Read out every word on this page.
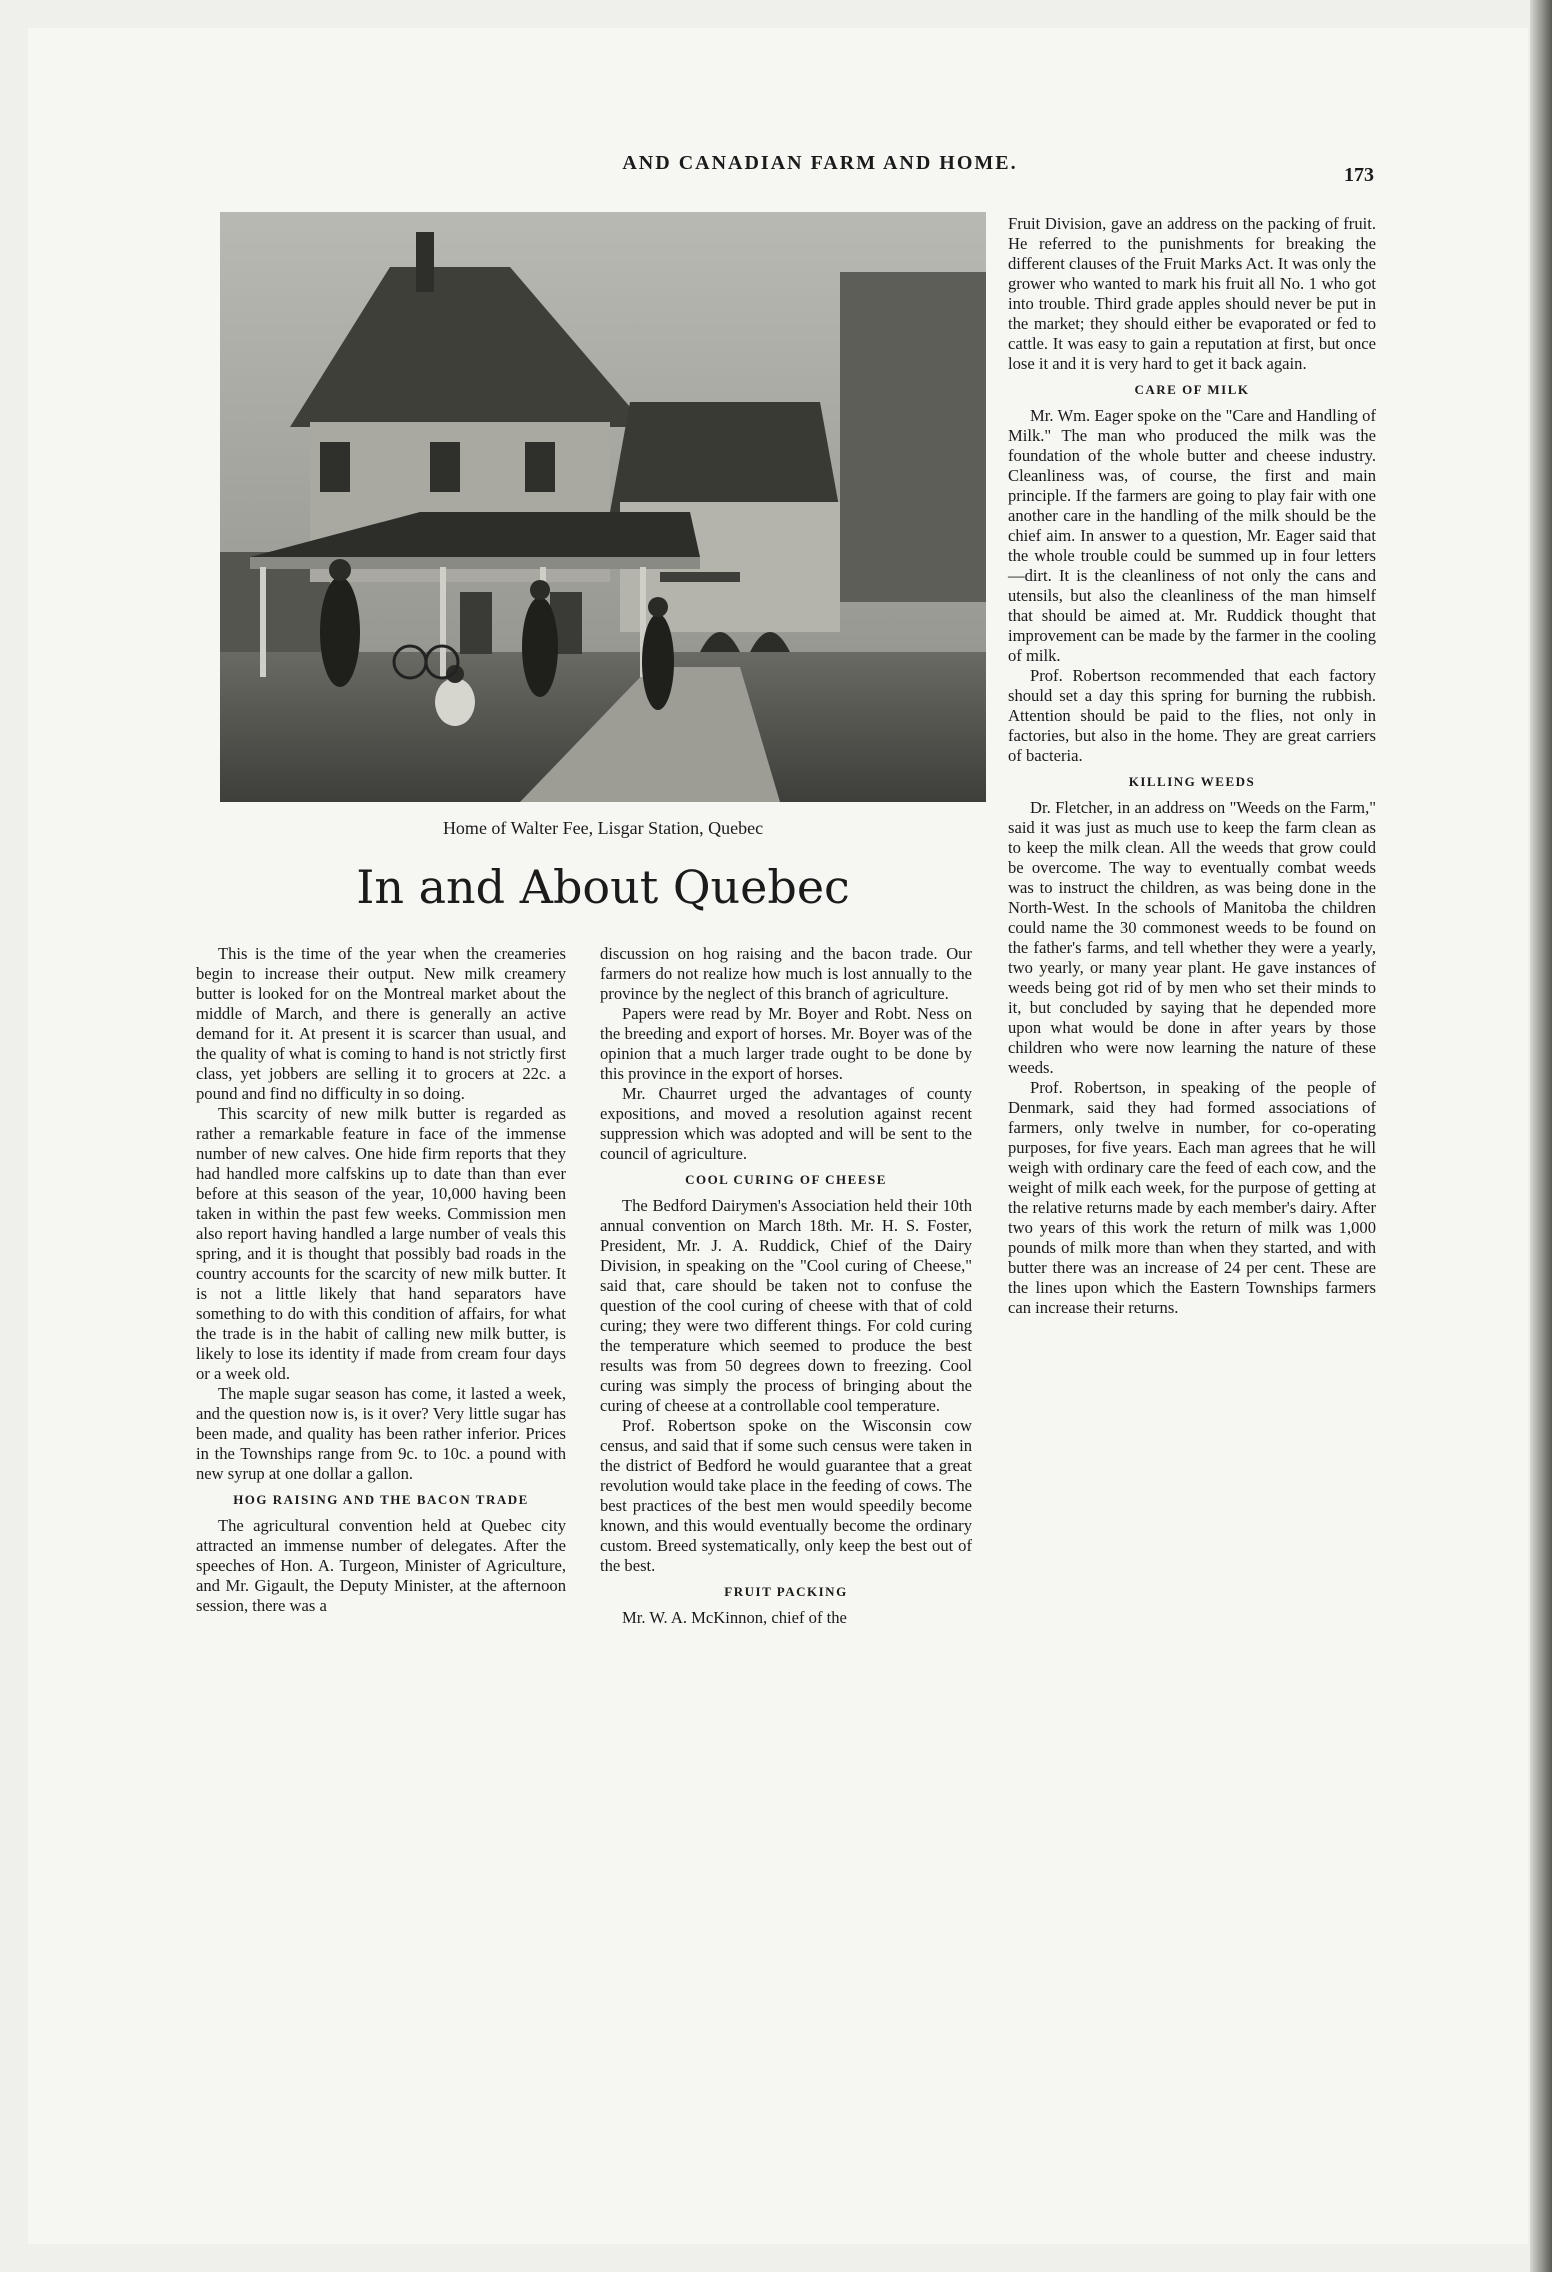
AND CANADIAN FARM AND HOME.
173
Home of Walter Fee, Lisgar Station, Quebec
In and About Quebec

This is the time of the year when the creameries begin to increase their output. New milk creamery butter is looked for on the Montreal market about the middle of March, and there is generally an active demand for it. At present it is scarcer than usual, and the quality of what is coming to hand is not strictly first class, yet jobbers are selling it to grocers at 22c. a pound and find no difficulty in so doing.

This scarcity of new milk butter is regarded as rather a remarkable feature in face of the immense number of new calves. One hide firm reports that they had handled more calfskins up to date than than ever before at this season of the year, 10,000 having been taken in within the past few weeks. Commission men also report having handled a large number of veals this spring, and it is thought that possibly bad roads in the country accounts for the scarcity of new milk butter. It is not a little likely that hand separators have something to do with this condition of affairs, for what the trade is in the habit of calling new milk butter, is likely to lose its identity if made from cream four days or a week old.

The maple sugar season has come, it lasted a week, and the question now is, is it over? Very little sugar has been made, and quality has been rather inferior. Prices in the Townships range from 9c. to 10c. a pound with new syrup at one dollar a gallon.

HOG RAISING AND THE BACON TRADE

The agricultural convention held at Quebec city attracted an immense number of delegates. After the speeches of Hon. A. Turgeon, Minister of Agriculture, and Mr. Gigault, the Deputy Minister, at the afternoon session, there was a

discussion on hog raising and the bacon trade. Our farmers do not realize how much is lost annually to the province by the neglect of this branch of agriculture.

Papers were read by Mr. Boyer and Robt. Ness on the breeding and export of horses. Mr. Boyer was of the opinion that a much larger trade ought to be done by this province in the export of horses.

Mr. Chaurret urged the advantages of county expositions, and moved a resolution against recent suppression which was adopted and will be sent to the council of agriculture.

COOL CURING OF CHEESE

The Bedford Dairymen's Association held their 10th annual convention on March 18th. Mr. H. S. Foster, President, Mr. J. A. Ruddick, Chief of the Dairy Division, in speaking on the "Cool curing of Cheese," said that, care should be taken not to confuse the question of the cool curing of cheese with that of cold curing; they were two different things. For cold curing the temperature which seemed to produce the best results was from 50 degrees down to freezing. Cool curing was simply the process of bringing about the curing of cheese at a controllable cool temperature.

Prof. Robertson spoke on the Wisconsin cow census, and said that if some such census were taken in the district of Bedford he would guarantee that a great revolution would take place in the feeding of cows. The best practices of the best men would speedily become known, and this would eventually become the ordinary custom. Breed systematically, only keep the best out of the best.

FRUIT PACKING

Mr. W. A. McKinnon, chief of the

Fruit Division, gave an address on the packing of fruit. He referred to the punishments for breaking the different clauses of the Fruit Marks Act. It was only the grower who wanted to mark his fruit all No. 1 who got into trouble. Third grade apples should never be put in the market; they should either be evaporated or fed to cattle. It was easy to gain a reputation at first, but once lose it and it is very hard to get it back again.

CARE OF MILK

Mr. Wm. Eager spoke on the "Care and Handling of Milk." The man who produced the milk was the foundation of the whole butter and cheese industry. Cleanliness was, of course, the first and main principle. If the farmers are going to play fair with one another care in the handling of the milk should be the chief aim. In answer to a question, Mr. Eager said that the whole trouble could be summed up in four letters—dirt. It is the cleanliness of not only the cans and utensils, but also the cleanliness of the man himself that should be aimed at. Mr. Ruddick thought that improvement can be made by the farmer in the cooling of milk.

Prof. Robertson recommended that each factory should set a day this spring for burning the rubbish. Attention should be paid to the flies, not only in factories, but also in the home. They are great carriers of bacteria.

KILLING WEEDS

Dr. Fletcher, in an address on "Weeds on the Farm," said it was just as much use to keep the farm clean as to keep the milk clean. All the weeds that grow could be overcome. The way to eventually combat weeds was to instruct the children, as was being done in the North-West. In the schools of Manitoba the children could name the 30 commonest weeds to be found on the father's farms, and tell whether they were a yearly, two yearly, or many year plant. He gave instances of weeds being got rid of by men who set their minds to it, but concluded by saying that he depended more upon what would be done in after years by those children who were now learning the nature of these weeds.

Prof. Robertson, in speaking of the people of Denmark, said they had formed associations of farmers, only twelve in number, for co-operating purposes, for five years. Each man agrees that he will weigh with ordinary care the feed of each cow, and the weight of milk each week, for the purpose of getting at the relative returns made by each member's dairy. After two years of this work the return of milk was 1,000 pounds of milk more than when they started, and with butter there was an increase of 24 per cent. These are the lines upon which the Eastern Townships farmers can increase their returns.
